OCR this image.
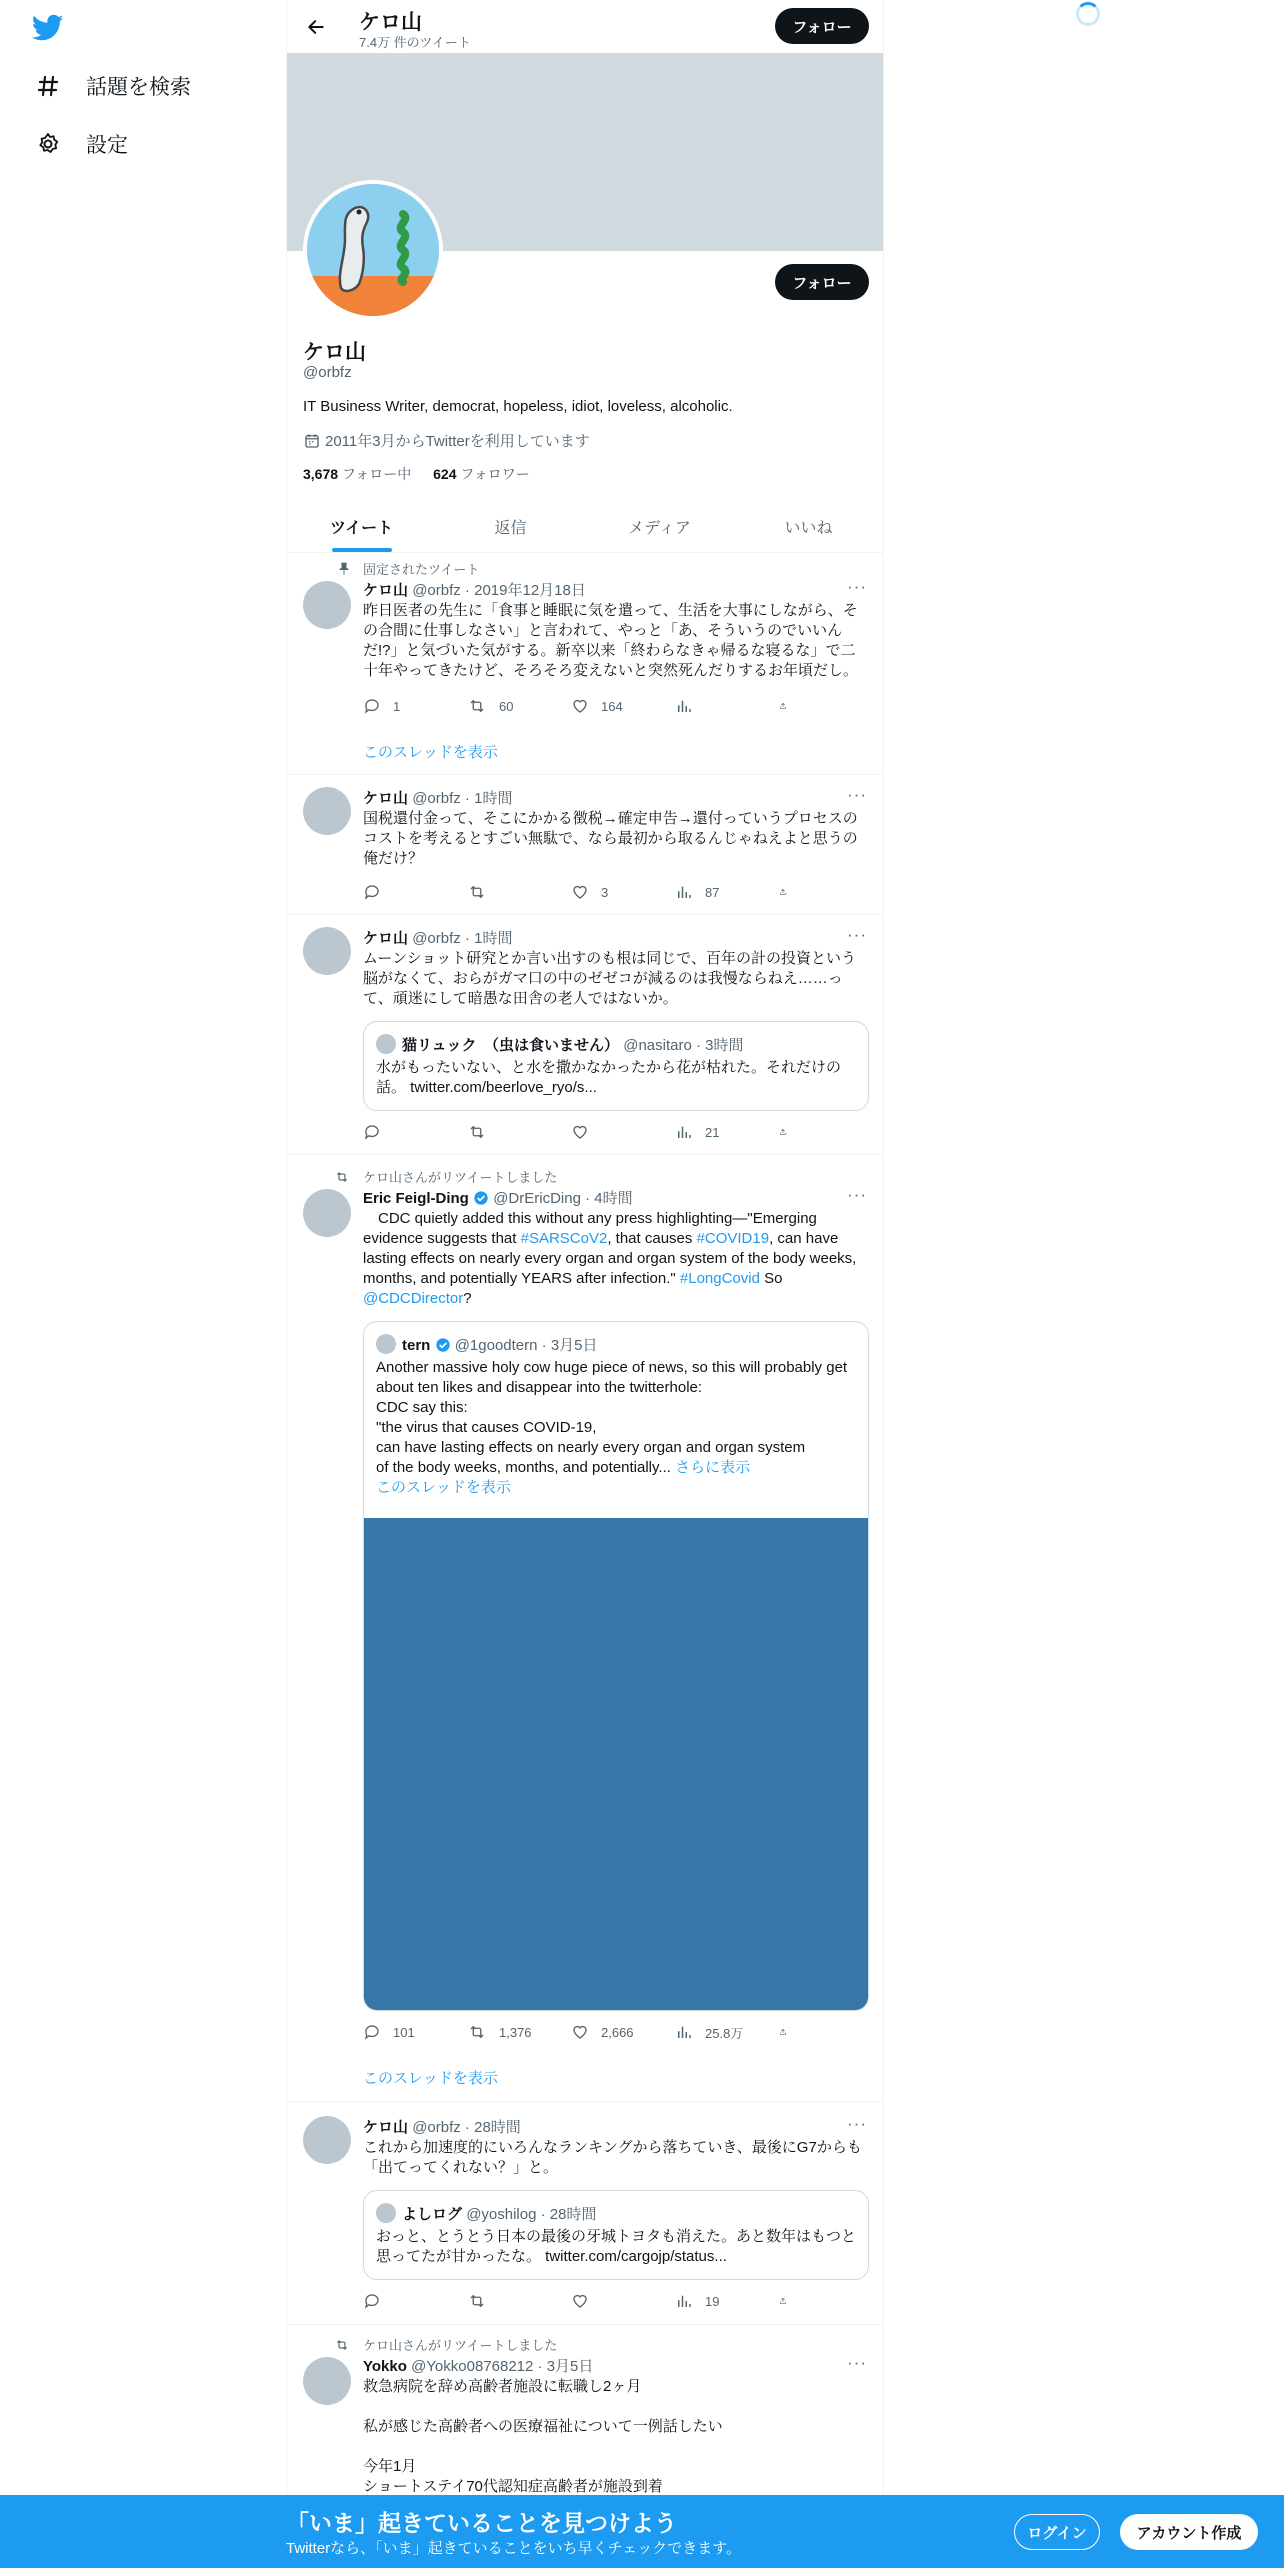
話題を検索
設定
ケロ山
7.4万 件のツイート
フォロー
フォロー
ケロ山
@orbfz
IT Business Writer, democrat, hopeless, idiot, loveless, alcoholic.
2011年3月からTwitterを利用しています
3,678 フォロー中 624 フォロワー
ツイート	返信	メディア	いいね
固定されたツイート
ケロ山 @orbfz · 2019年12月18日	···
昨日医者の先生に「食事と睡眠に気を遣って、生活を大事にしながら、その合間に仕事しなさい」と言われて、やっと「あ、そういうのでいいんだ!?」と気づいた気がする。新卒以来「終わらなきゃ帰るな寝るな」で二十年やってきたけど、そろそろ変えないと突然死んだりするお年頃だし。
1	60	164
このスレッドを表示
ケロ山 @orbfz · 1時間	···
国税還付金って、そこにかかる徴税→確定申告→還付っていうプロセスのコストを考えるとすごい無駄で、なら最初から取るんじゃねえよと思うの俺だけ？
3	87
ケロ山 @orbfz · 1時間	···
ムーンショット研究とか言い出すのも根は同じで、百年の計の投資という脳がなくて、おらがガマ口の中のゼゼコが減るのは我慢ならねえ……って、頑迷にして暗愚な田舎の老人ではないか。
猫リュック　（虫は食いません） @nasitaro · 3時間
水がもったいない、と水を撒かなかったから花が枯れた。それだけの話。 twitter.com/beerlove_ryo/s...
21
ケロ山さんがリツイートしました
Eric Feigl-Ding @DrEricDing · 4時間	···
　CDC quietly added this without any press highlighting—"Emerging evidence suggests that #SARSCoV2, that causes #COVID19, can have lasting effects on nearly every organ and organ system of the body weeks, months, and potentially YEARS after infection." #LongCovid So @CDCDirector?
tern @1goodtern · 3月5日
Another massive holy cow huge piece of news, so this will probably get about ten likes and disappear into the twitterhole:
CDC say this:
"the virus that causes COVID-19,
can have lasting effects on nearly every organ and organ system
of the body weeks, months, and potentially... さらに表示
このスレッドを表示
101	1,376	2,666	25.8万
このスレッドを表示
ケロ山 @orbfz · 28時間	···
これから加速度的にいろんなランキングから落ちていき、最後にG7からも「出てってくれない？」と。
よしログ @yoshilog · 28時間
おっと、とうとう日本の最後の牙城トヨタも消えた。あと数年はもつと思ってたが甘かったな。 twitter.com/cargojp/status...
19
ケロ山さんがリツイートしました
Yokko @Yokko08768212 · 3月5日	···
救急病院を辞め高齢者施設に転職し2ヶ月
私が感じた高齢者への医療福祉について一例話したい
今年1月
ショートステイ70代認知症高齢者が施設到着
「いま」起きていることを見つけよう
Twitterなら、「いま」起きていることをいち早くチェックできます。
ログイン	アカウント作成
